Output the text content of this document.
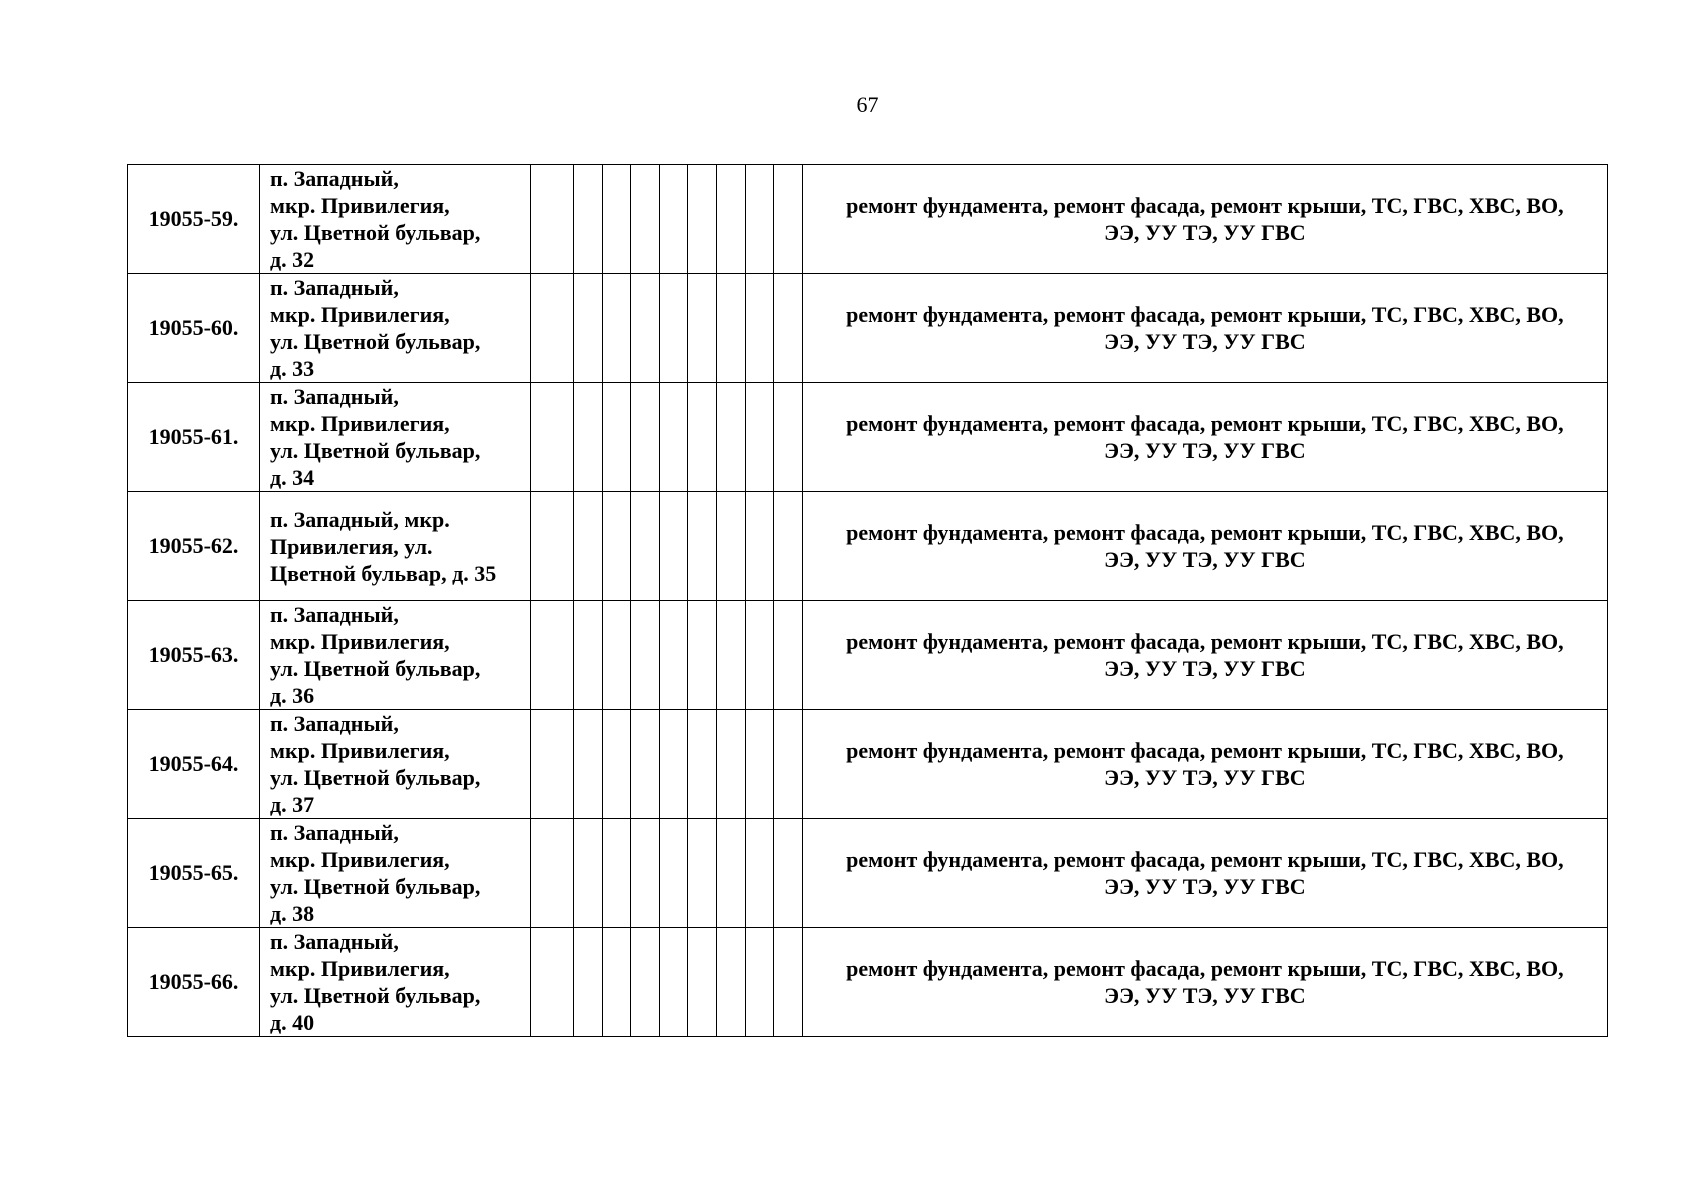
67
19055-59.	п. Западный,
мкр. Привилегия,
ул. Цветной бульвар,
д. 32										ремонт фундамента, ремонт фасада, ремонт крыши, ТС, ГВС, ХВС, ВО,
ЭЭ, УУ ТЭ, УУ ГВС

19055-60.	п. Западный,
мкр. Привилегия,
ул. Цветной бульвар,
д. 33										ремонт фундамента, ремонт фасада, ремонт крыши, ТС, ГВС, ХВС, ВО,
ЭЭ, УУ ТЭ, УУ ГВС

19055-61.	п. Западный,
мкр. Привилегия,
ул. Цветной бульвар,
д. 34										ремонт фундамента, ремонт фасада, ремонт крыши, ТС, ГВС, ХВС, ВО,
ЭЭ, УУ ТЭ, УУ ГВС

19055-62.	п. Западный, мкр.
Привилегия, ул.
Цветной бульвар, д. 35										ремонт фундамента, ремонт фасада, ремонт крыши, ТС, ГВС, ХВС, ВО,
ЭЭ, УУ ТЭ, УУ ГВС

19055-63.	п. Западный,
мкр. Привилегия,
ул. Цветной бульвар,
д. 36										ремонт фундамента, ремонт фасада, ремонт крыши, ТС, ГВС, ХВС, ВО,
ЭЭ, УУ ТЭ, УУ ГВС

19055-64.	п. Западный,
мкр. Привилегия,
ул. Цветной бульвар,
д. 37										ремонт фундамента, ремонт фасада, ремонт крыши, ТС, ГВС, ХВС, ВО,
ЭЭ, УУ ТЭ, УУ ГВС

19055-65.	п. Западный,
мкр. Привилегия,
ул. Цветной бульвар,
д. 38										ремонт фундамента, ремонт фасада, ремонт крыши, ТС, ГВС, ХВС, ВО,
ЭЭ, УУ ТЭ, УУ ГВС

19055-66.	п. Западный,
мкр. Привилегия,
ул. Цветной бульвар,
д. 40										ремонт фундамента, ремонт фасада, ремонт крыши, ТС, ГВС, ХВС, ВО,
ЭЭ, УУ ТЭ, УУ ГВС
